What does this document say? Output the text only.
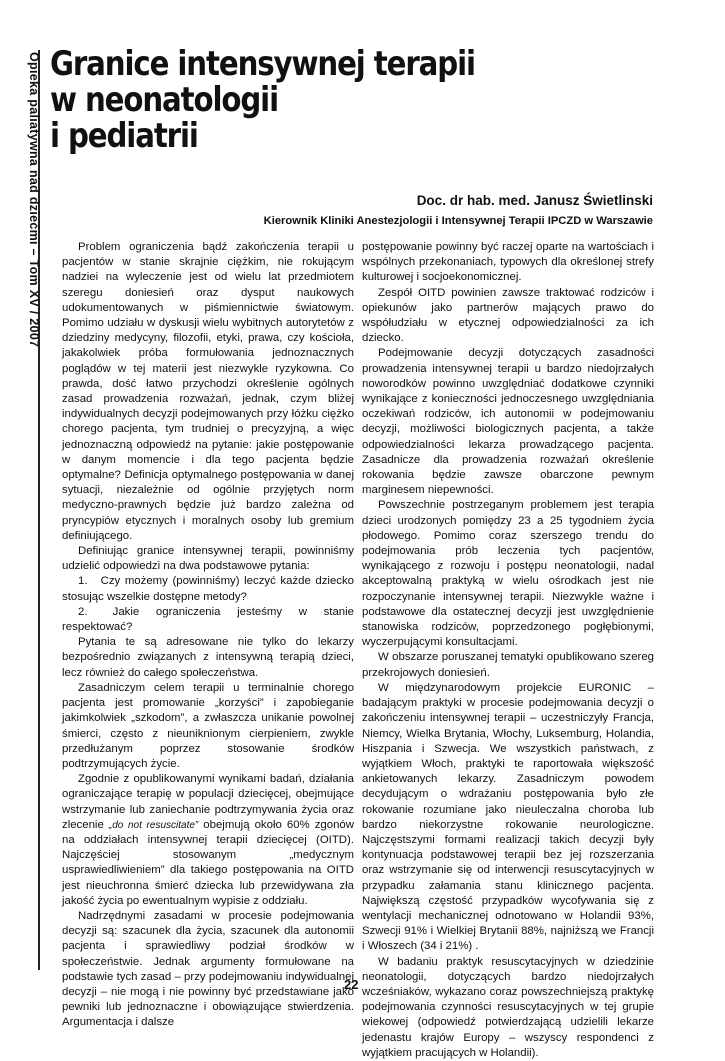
Opieka paliatywna nad dziećmi – Tom XV / 2007 Granice intensywnej terapii
w neonatologii
i pediatrii
Doc. dr hab. med. Janusz Świetlinski
Kierownik Kliniki Anestezjologii i Intensywnej Terapii IPCZD w Warszawie

Problem ograniczenia bądź zakończenia terapii u pacjentów w stanie skrajnie ciężkim, nie rokującym nadziei na wyleczenie jest od wielu lat przedmiotem szeregu doniesień oraz dysput naukowych udokumentowanych w piśmiennictwie światowym. Pomimo udziału w dyskusji wielu wybitnych autorytetów z dziedziny medycyny, filozofii, etyki, prawa, czy kościoła, jakakolwiek próba formułowania jednoznacznych poglądów w tej materii jest niezwykle ryzykowna. Co prawda, dość łatwo przychodzi określenie ogólnych zasad prowadzenia rozważań, jednak, czym bliżej indywidualnych decyzji podejmowanych przy łóżku ciężko chorego pacjenta, tym trudniej o precyzyjną, a więc jednoznaczną odpowiedź na pytanie: jakie postępowanie w danym momencie i dla tego pacjenta będzie optymalne? Definicja optymalnego postępowania w danej sytuacji, niezależnie od ogólnie przyjętych norm medyczno-prawnych będzie już bardzo zależna od pryncypiów etycznych i moralnych osoby lub gremium definiującego.

Definiując granice intensywnej terapii, powinniśmy udzielić odpowiedzi na dwa podstawowe pytania:

1. Czy możemy (powinniśmy) leczyć każde dziecko stosując wszelkie dostępne metody?
2. Jakie ograniczenia jesteśmy w stanie respektować?

Pytania te są adresowane nie tylko do lekarzy bezpośrednio związanych z intensywną terapią dzieci, lecz również do całego społeczeństwa.

Zasadniczym celem terapii u terminalnie chorego pacjenta jest promowanie „korzyści” i zapobieganie jakimkolwiek „szkodom”, a zwłaszcza unikanie powolnej śmierci, często z nieuniknionym cierpieniem, zwykle przedłużanym poprzez stosowanie środków podtrzymujących życie.

Zgodnie z opublikowanymi wynikami badań, działania ograniczające terapię w populacji dziecięcej, obejmujące wstrzymanie lub zaniechanie podtrzymywania życia oraz zlecenie „do not resuscitate” obejmują około 60% zgonów na oddziałach intensywnej terapii dziecięcej (OITD). Najczęściej stosowanym „medycznym usprawiedliwieniem” dla takiego postępowania na OITD jest nieuchronna śmierć dziecka lub przewidywana zła jakość życia po ewentualnym wypisie z oddziału.

Nadrzędnymi zasadami w procesie podejmowania decyzji są: szacunek dla życia, szacunek dla autonomii pacjenta i sprawiedliwy podział środków w społeczeństwie. Jednak argumenty formułowane na podstawie tych zasad – przy podejmowaniu indywidualnej decyzji – nie mogą i nie powinny być przedstawiane jako pewniki lub jednoznaczne i obowiązujące stwierdzenia. Argumentacja i dalsze

postępowanie powinny być raczej oparte na wartościach i wspólnych przekonaniach, typowych dla określonej strefy kulturowej i socjoekonomicznej.

Zespół OITD powinien zawsze traktować rodziców i opiekunów jako partnerów mających prawo do współudziału w etycznej odpowiedzialności za ich dziecko.

Podejmowanie decyzji dotyczących zasadności prowadzenia intensywnej terapii u bardzo niedojrzałych noworodków powinno uwzględniać dodatkowe czynniki wynikające z konieczności jednoczesnego uwzględniania oczekiwań rodziców, ich autonomii w podejmowaniu decyzji, możliwości biologicznych pacjenta, a także odpowiedzialności lekarza prowadzącego pacjenta. Zasadnicze dla prowadzenia rozważań określenie rokowania będzie zawsze obarczone pewnym marginesem niepewności.

Powszechnie postrzeganym problemem jest terapia dzieci urodzonych pomiędzy 23 a 25 tygodniem życia płodowego. Pomimo coraz szerszego trendu do podejmowania prób leczenia tych pacjentów, wynikającego z rozwoju i postępu neonatologii, nadal akceptowalną praktyką w wielu ośrodkach jest nie rozpoczynanie intensywnej terapii. Niezwykle ważne i podstawowe dla ostatecznej decyzji jest uwzględnienie stanowiska rodziców, poprzedzonego pogłębionymi, wyczerpującymi konsultacjami.

W obszarze poruszanej tematyki opublikowano szereg przekrojowych doniesień.

W międzynarodowym projekcie EURONIC – badającym praktyki w procesie podejmowania decyzji o zakończeniu intensywnej terapii – uczestniczyły Francja, Niemcy, Wielka Brytania, Włochy, Luksemburg, Holandia, Hiszpania i Szwecja. We wszystkich państwach, z wyjątkiem Włoch, praktyki te raportowała większość ankietowanych lekarzy. Zasadniczym powodem decydującym o wdrażaniu postępowania było złe rokowanie rozumiane jako nieuleczalna choroba lub bardzo niekorzystne rokowanie neurologiczne. Najczęstszymi formami realizacji takich decyzji były kontynuacja podstawowej terapii bez jej rozszerzania oraz wstrzymanie się od interwencji resuscytacyjnych w przypadku załamania stanu klinicznego pacjenta. Największą częstość przypadków wycofywania się z wentylacji mechanicznej odnotowano w Holandii 93%, Szwecji 91% i Wielkiej Brytanii 88%, najniższą we Francji i Włoszech (34 i 21%) .

W badaniu praktyk resuscytacyjnych w dziedzinie neonatologii, dotyczących bardzo niedojrzałych wcześniaków, wykazano coraz powszechniejszą praktykę podejmowania czynności resuscytacyjnych w tej grupie wiekowej (odpowiedź potwierdzającą udzielili lekarze jedenastu krajów Europy – wszyscy respondenci z wyjątkiem pracujących w Holandii).

22
